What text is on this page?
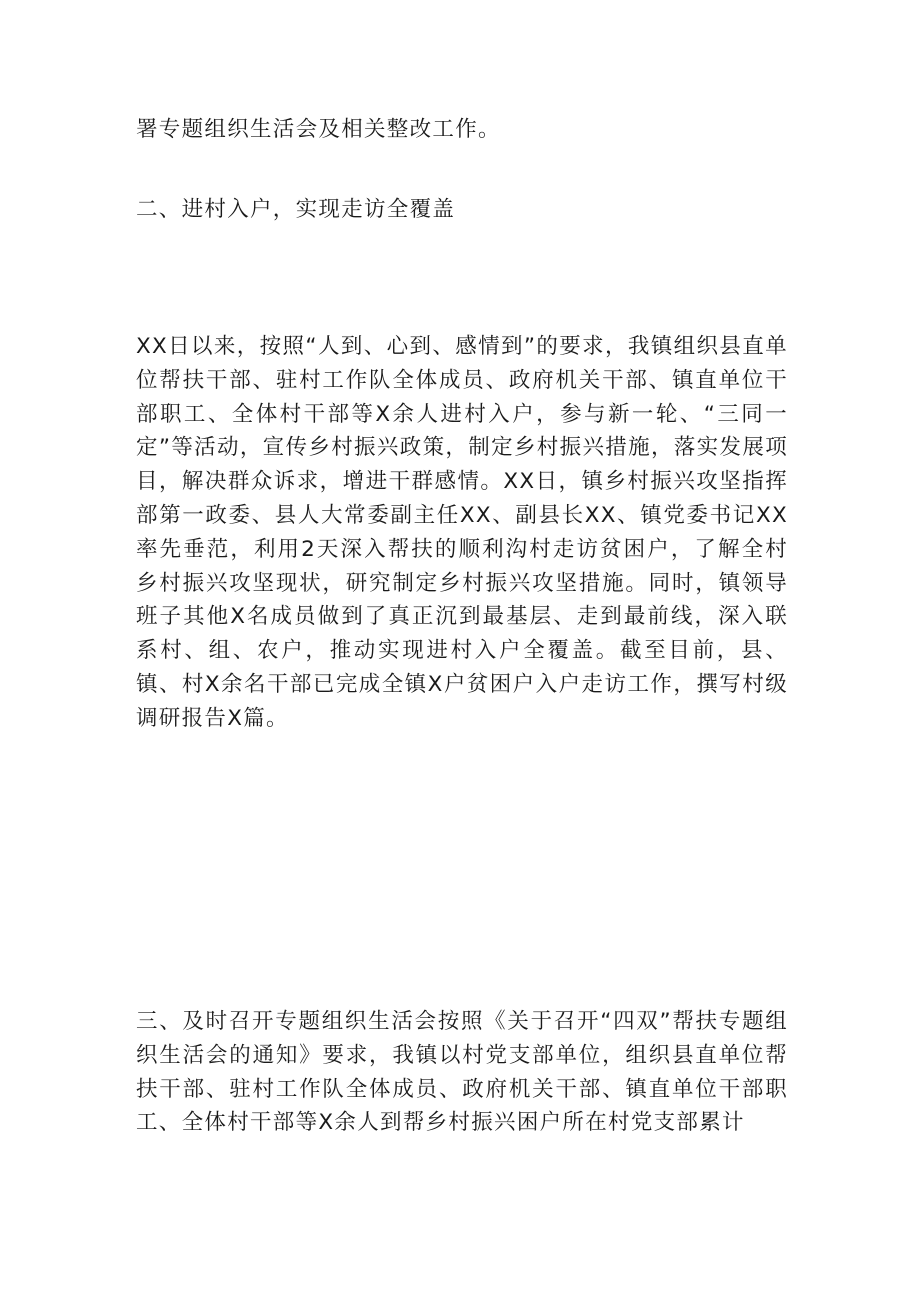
署专题组织生活会及相关整改工作。

二、进村入户，实现走访全覆盖

XX日以来，按照“人到、心到、感情到”的要求，我镇组织县直单位帮扶干部、驻村工作队全体成员、政府机关干部、镇直单位干部职工、全体村干部等X余人进村入户，参与新一轮、“三同一定”等活动，宣传乡村振兴政策，制定乡村振兴措施，落实发展项目，解决群众诉求，增进干群感情。XX日，镇乡村振兴攻坚指挥部第一政委、县人大常委副主任XX、副县长XX、镇党委书记XX率先垂范，利用2天深入帮扶的顺利沟村走访贫困户，了解全村乡村振兴攻坚现状，研究制定乡村振兴攻坚措施。同时，镇领导班子其他X名成员做到了真正沉到最基层、走到最前线，深入联系村、组、农户，推动实现进村入户全覆盖。截至目前，县、镇、村X余名干部已完成全镇X户贫困户入户走访工作，撰写村级调研报告X篇。

三、及时召开专题组织生活会按照《关于召开“四双”帮扶专题组织生活会的通知》要求，我镇以村党支部单位，组织县直单位帮扶干部、驻村工作队全体成员、政府机关干部、镇直单位干部职工、全体村干部等X余人到帮乡村振兴困户所在村党支部累计
